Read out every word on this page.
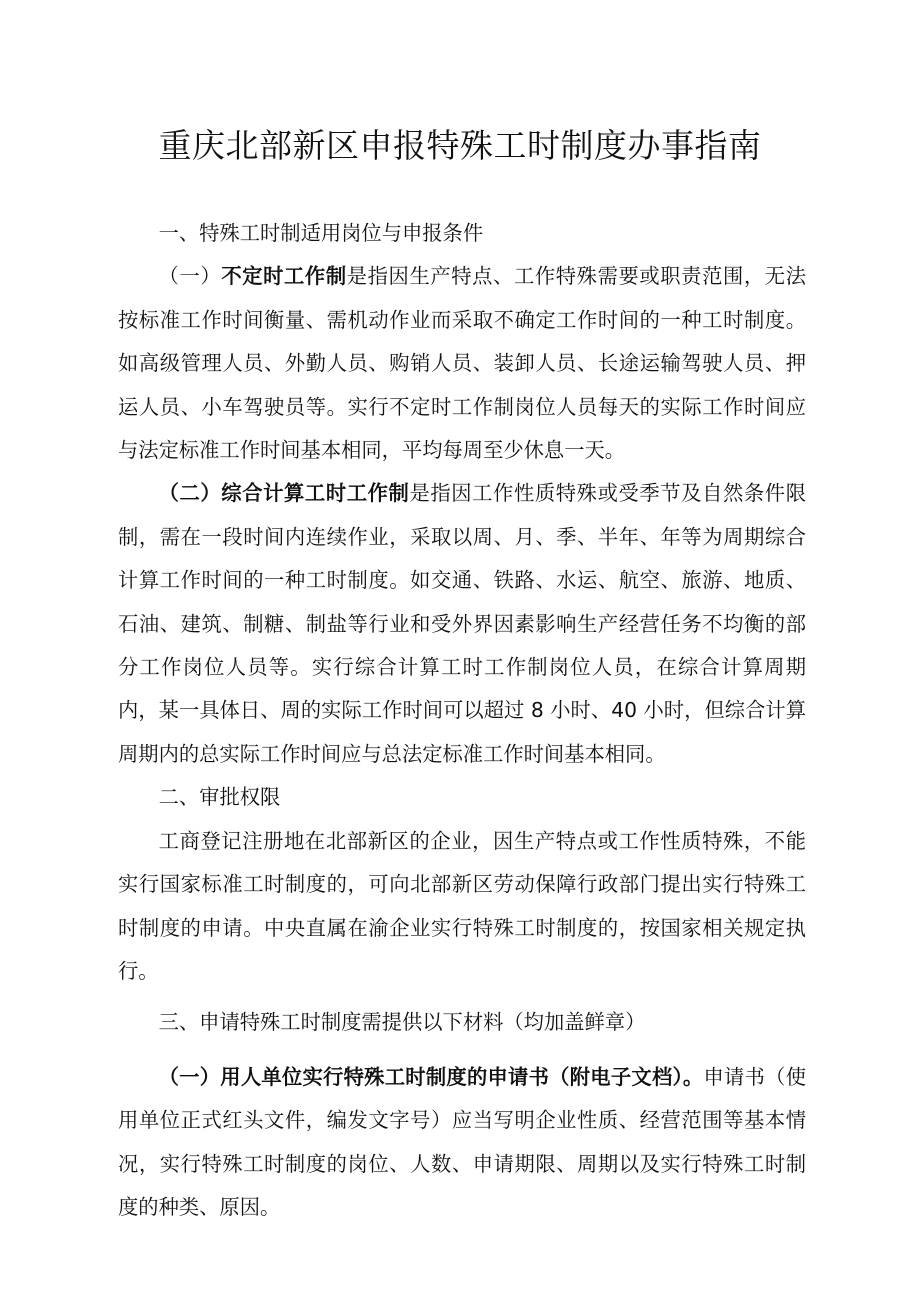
重庆北部新区申报特殊工时制度办事指南

一、特殊工时制适用岗位与申报条件

（一）不定时工作制是指因生产特点、工作特殊需要或职责范围，无法按标准工作时间衡量、需机动作业而采取不确定工作时间的一种工时制度。如高级管理人员、外勤人员、购销人员、装卸人员、长途运输驾驶人员、押运人员、小车驾驶员等。实行不定时工作制岗位人员每天的实际工作时间应与法定标准工作时间基本相同，平均每周至少休息一天。

（二）综合计算工时工作制是指因工作性质特殊或受季节及自然条件限制，需在一段时间内连续作业，采取以周、月、季、半年、年等为周期综合计算工作时间的一种工时制度。如交通、铁路、水运、航空、旅游、地质、石油、建筑、制糖、制盐等行业和受外界因素影响生产经营任务不均衡的部分工作岗位人员等。实行综合计算工时工作制岗位人员，在综合计算周期内，某一具体日、周的实际工作时间可以超过 8 小时、40 小时，但综合计算周期内的总实际工作时间应与总法定标准工作时间基本相同。

二、审批权限

工商登记注册地在北部新区的企业，因生产特点或工作性质特殊，不能实行国家标准工时制度的，可向北部新区劳动保障行政部门提出实行特殊工时制度的申请。中央直属在渝企业实行特殊工时制度的，按国家相关规定执行。

三、申请特殊工时制度需提供以下材料（均加盖鲜章）

（一）用人单位实行特殊工时制度的申请书（附电子文档）。申请书（使用单位正式红头文件，编发文字号）应当写明企业性质、经营范围等基本情况，实行特殊工时制度的岗位、人数、申请期限、周期以及实行特殊工时制度的种类、原因。
